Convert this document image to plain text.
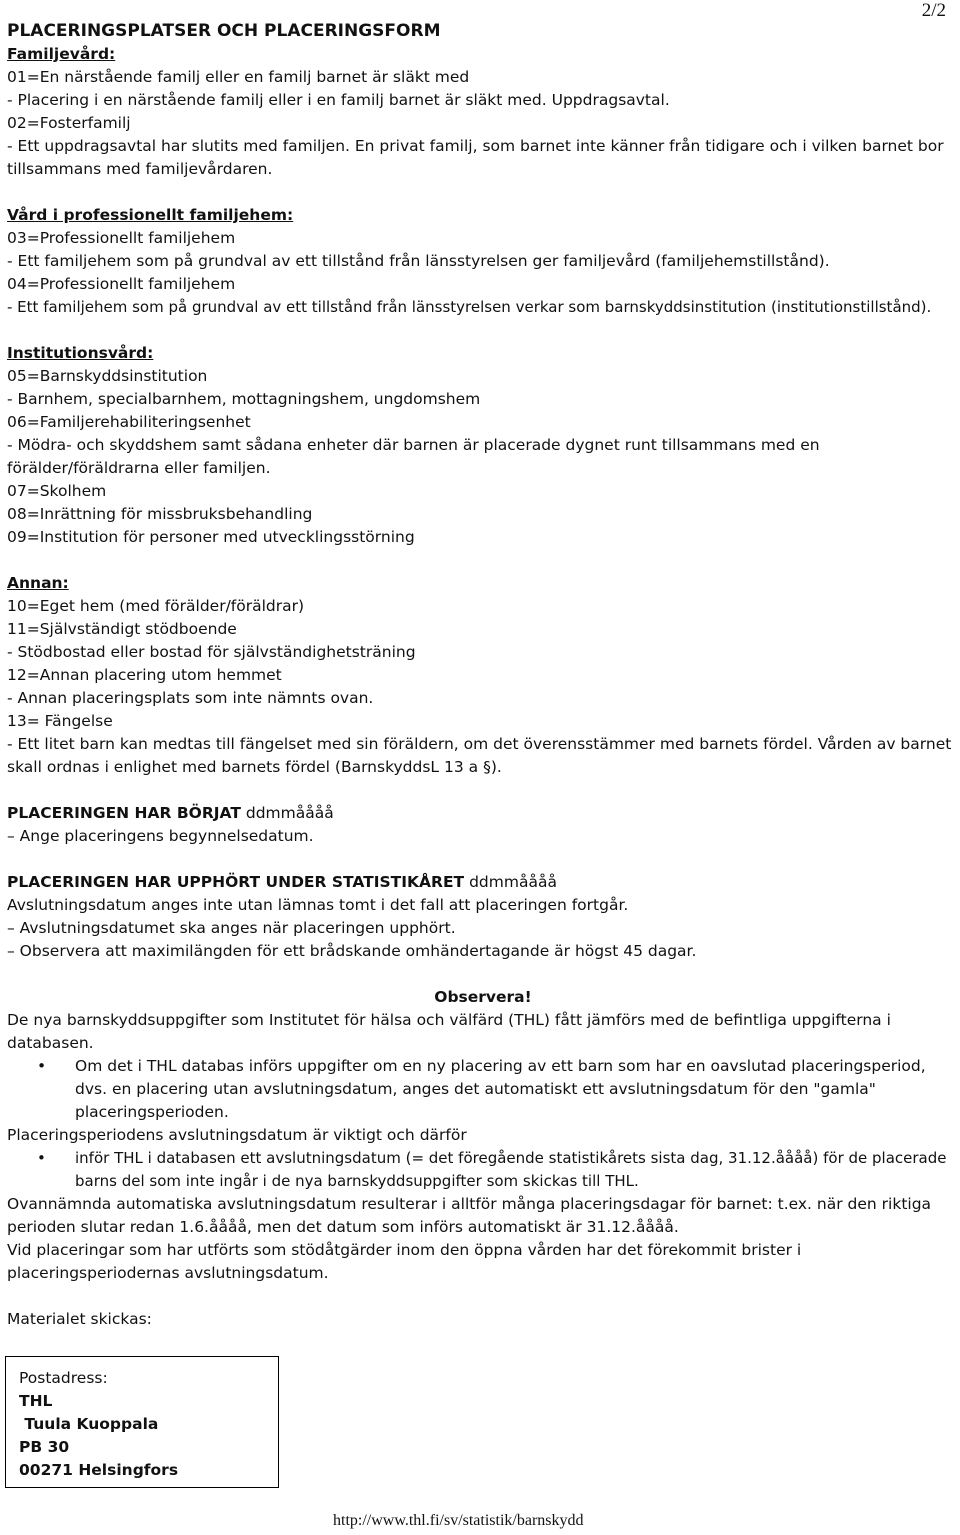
2/2
PLACERINGSPLATSER OCH PLACERINGSFORM
Familjevård:
01=En närstående familj eller en familj barnet är släkt med
- Placering i en närstående familj eller i en familj barnet är släkt med. Uppdragsavtal.
02=Fosterfamilj
- Ett uppdragsavtal har slutits med familjen. En privat familj, som barnet inte känner från tidigare och i vilken barnet bor tillsammans med familjevårdaren.
Vård i professionellt familjehem:
03=Professionellt familjehem
- Ett familjehem som på grundval av ett tillstånd från länsstyrelsen ger familjevård (familjehemstillstånd).
04=Professionellt familjehem
- Ett familjehem som på grundval av ett tillstånd från länsstyrelsen verkar som barnskyddsinstitution (institutionstillstånd).
Institutionsvård:
05=Barnskyddsinstitution
- Barnhem, specialbarnhem, mottagningshem, ungdomshem
06=Familjerehabiliteringsenhet
- Mödra- och skyddshem samt sådana enheter där barnen är placerade dygnet runt tillsammans med en förälder/föräldrarna eller familjen.
07=Skolhem
08=Inrättning för missbruksbehandling
09=Institution för personer med utvecklingsstörning
Annan:
10=Eget hem (med förälder/föräldrar)
11=Självständigt stödboende
- Stödbostad eller bostad för självständighetsträning
12=Annan placering utom hemmet
- Annan placeringsplats som inte nämnts ovan.
13= Fängelse
- Ett litet barn kan medtas till fängelset med sin föräldern, om det överensstämmer med barnets fördel. Vården av barnet skall ordnas i enlighet med barnets fördel (BarnskyddsL 13 a §).
PLACERINGEN HAR BÖRJAT ddmmåååå
– Ange placeringens begynnelsedatum.
PLACERINGEN HAR UPPHÖRT UNDER STATISTIKÅRET ddmmåååå
Avslutningsdatum anges inte utan lämnas tomt i det fall att placeringen fortgår.
– Avslutningsdatumet ska anges när placeringen upphört.
– Observera att maximilängden för ett brådskande omhändertagande är högst 45 dagar.
Observera!
De nya barnskyddsuppgifter som Institutet för hälsa och välfärd (THL) fått jämförs med de befintliga uppgifterna i databasen.
• Om det i THL databas införs uppgifter om en ny placering av ett barn som har en oavslutad placeringsperiod, dvs. en placering utan avslutningsdatum, anges det automatiskt ett avslutningsdatum för den "gamla" placeringsperioden.
Placeringsperiodens avslutningsdatum är viktigt och därför
• inför THL i databasen ett avslutningsdatum (= det föregående statistikårets sista dag, 31.12.åååå) för de placerade barns del som inte ingår i de nya barnskyddsuppgifter som skickas till THL.
Ovannämnda automatiska avslutningsdatum resulterar i alltför många placeringsdagar för barnet: t.ex. när den riktiga perioden slutar redan 1.6.åååå, men det datum som införs automatiskt är 31.12.åååå.
Vid placeringar som har utförts som stödåtgärder inom den öppna vården har det förekommit brister i placeringsperiodernas avslutningsdatum.
Materialet skickas:
Postadress:
THL
Tuula Kuoppala
PB 30
00271 Helsingfors
http://www.thl.fi/sv/statistik/barnskydd
